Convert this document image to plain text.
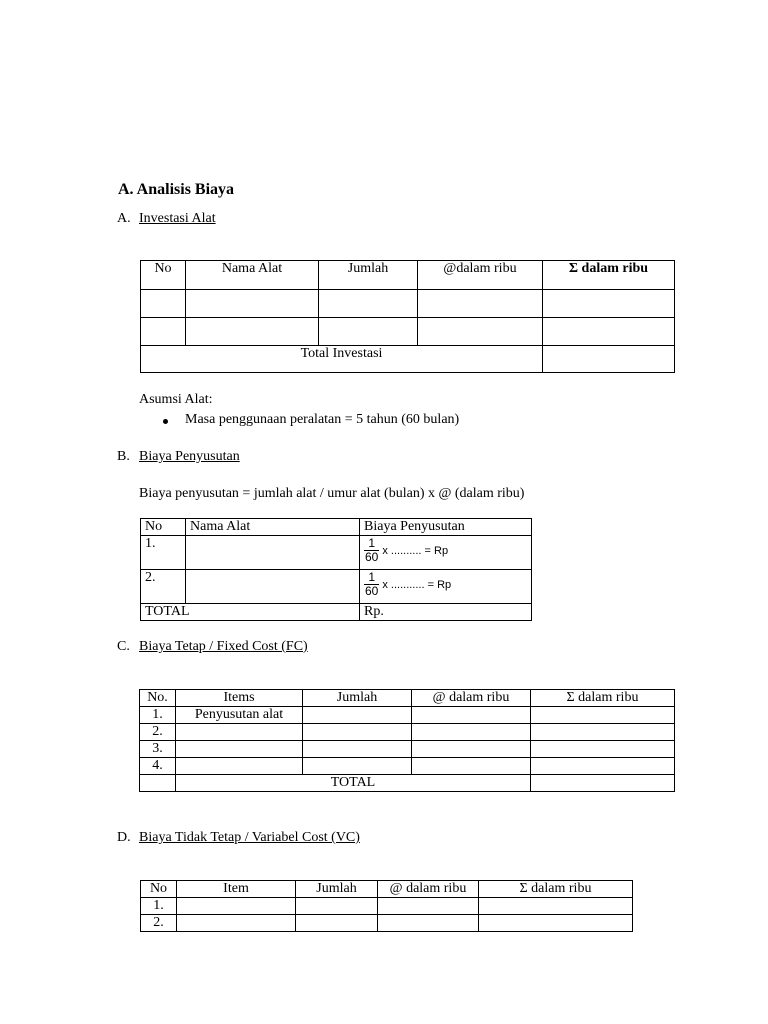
A. Analisis Biaya
A. Investasi Alat
No	Nama Alat	Jumlah	@dalam ribu	Σ dalam ribu

Total Investasi				
Asumsi Alat:
Masa penggunaan peralatan = 5 tahun (60 bulan)
B. Biaya Penyusutan
Biaya penyusutan = jumlah alat / umur alat (bulan) x @ (dalam ribu)
No	Nama Alat	Biaya Penyusutan
1.		$\frac{1}{60}$ x .......... = Rp
2.		$\frac{1}{60}$ x ........... = Rp
TOTAL		Rp.
C. Biaya Tetap / Fixed Cost (FC)
No.	Items	Jumlah	@ dalam ribu	Σ dalam ribu
1.	Penyusutan alat			
2.				
3.				
4.				
	TOTAL			
D. Biaya Tidak Tetap / Variabel Cost (VC)
No	Item	Jumlah	@ dalam ribu	Σ dalam ribu
1.				
2.				
